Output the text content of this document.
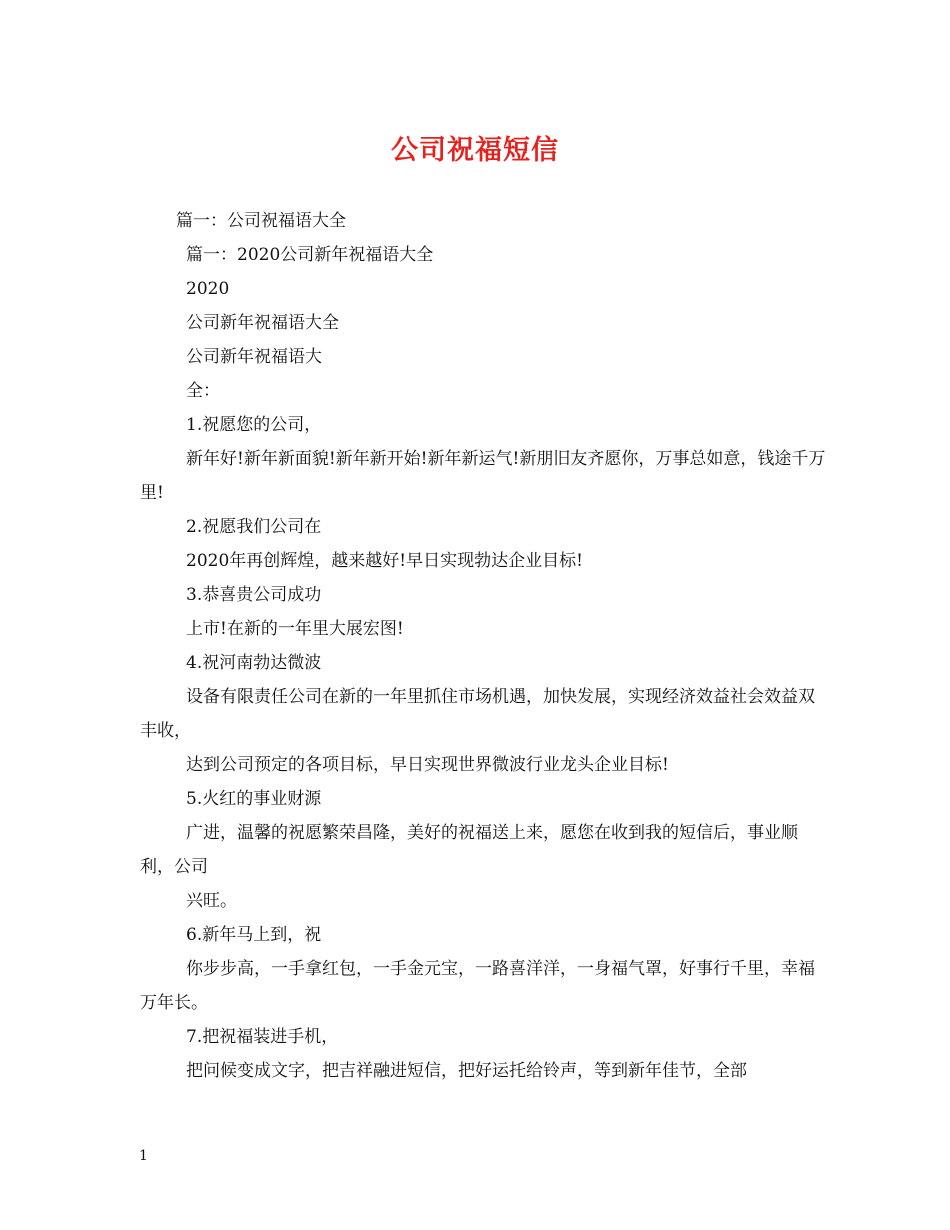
公司祝福短信

篇一：公司祝福语大全

篇一：2020公司新年祝福语大全

2020

公司新年祝福语大全

公司新年祝福语大

全：

1.祝愿您的公司，

新年好!新年新面貌!新年新开始!新年新运气!新朋旧友齐愿你，万事总如意，钱途千万里!

2.祝愿我们公司在

2020年再创辉煌，越来越好!早日实现勃达企业目标!

3.恭喜贵公司成功

上市!在新的一年里大展宏图!

4.祝河南勃达微波

设备有限责任公司在新的一年里抓住市场机遇，加快发展，实现经济效益社会效益双丰收，

达到公司预定的各项目标，早日实现世界微波行业龙头企业目标!

5.火红的事业财源

广进，温馨的祝愿繁荣昌隆，美好的祝福送上来，愿您在收到我的短信后，事业顺利，公司

兴旺。

6.新年马上到，祝

你步步高，一手拿红包，一手金元宝，一路喜洋洋，一身福气罩，好事行千里，幸福万年长。

7.把祝福装进手机，

把问候变成文字，把吉祥融进短信，把好运托给铃声，等到新年佳节，全部

1
